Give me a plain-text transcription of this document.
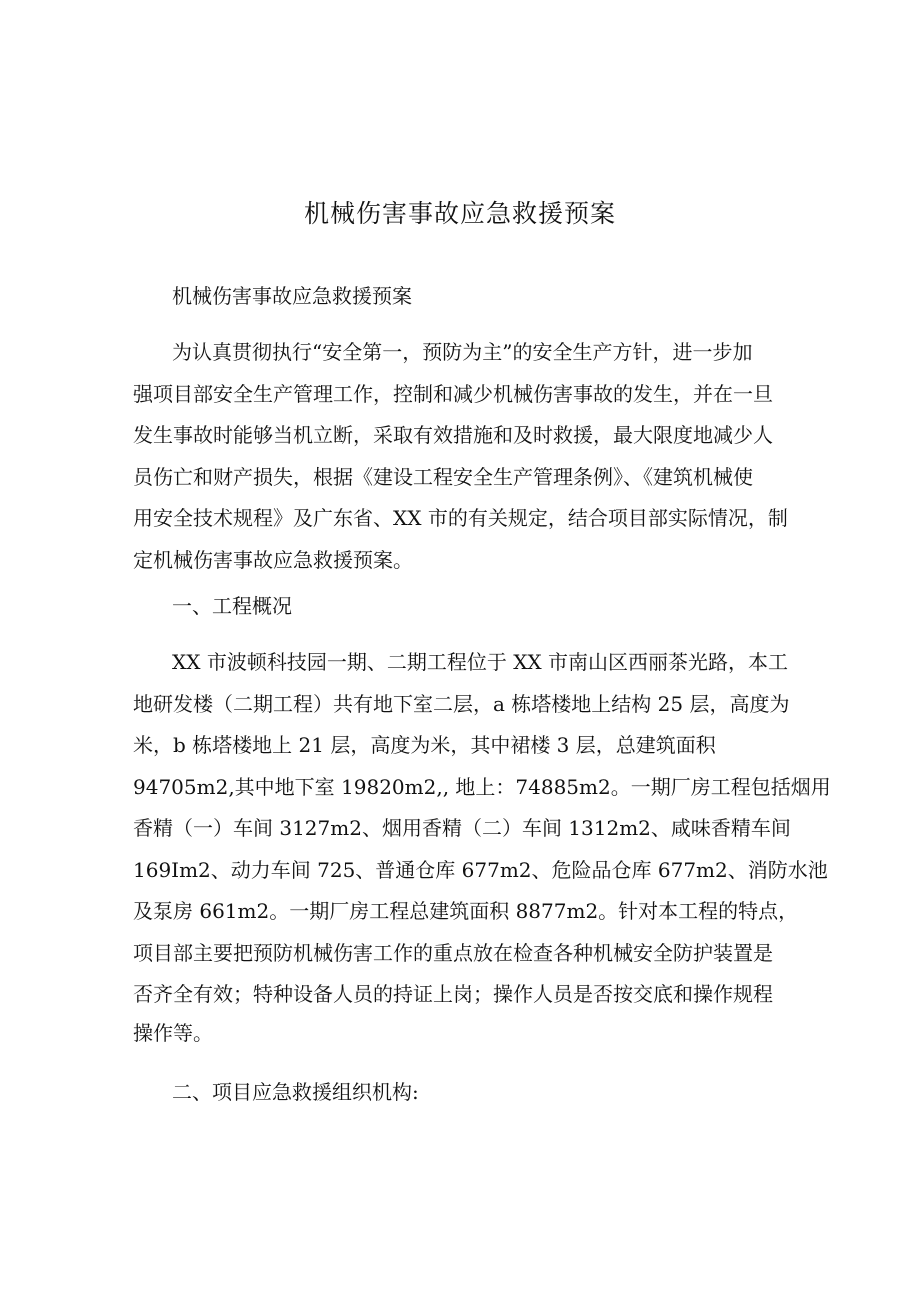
机械伤害事故应急救援预案

机械伤害事故应急救援预案

为认真贯彻执行“安全第一，预防为主”的安全生产方针，进一步加

强项目部安全生产管理工作，控制和减少机械伤害事故的发生，并在一旦

发生事故时能够当机立断，采取有效措施和及时救援，最大限度地减少人

员伤亡和财产损失，根据《建设工程安全生产管理条例》、《建筑机械使

用安全技术规程》及广东省、XX 市的有关规定，结合项目部实际情况，制

定机械伤害事故应急救援预案。

一、工程概况

XX 市波顿科技园一期、二期工程位于 XX 市南山区西丽茶光路，本工

地研发楼（二期工程）共有地下室二层，a 栋塔楼地上结构 25 层，高度为

米，b 栋塔楼地上 21 层，高度为米，其中裙楼 3 层，总建筑面积

94705m2,其中地下室 19820m2,, 地上：74885m2。一期厂房工程包括烟用

香精（一）车间 3127m2、烟用香精（二）车间 1312m2、咸味香精车间

169Im2、动力车间 725、普通仓库 677m2、危险品仓库 677m2、消防水池

及泵房 661m2。一期厂房工程总建筑面积 8877m2。针对本工程的特点，

项目部主要把预防机械伤害工作的重点放在检查各种机械安全防护装置是

否齐全有效；特种设备人员的持证上岗；操作人员是否按交底和操作规程

操作等。

二、项目应急救援组织机构:
